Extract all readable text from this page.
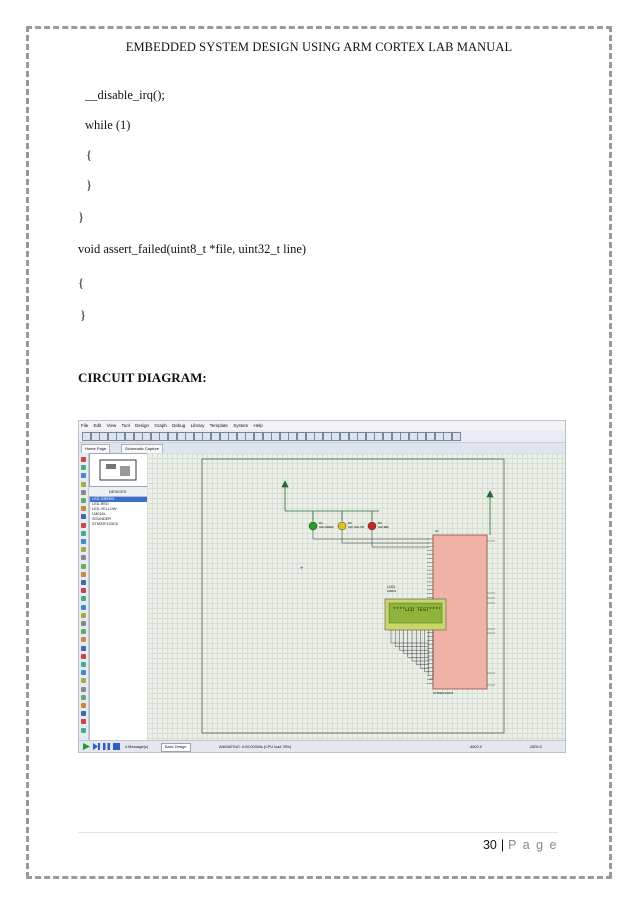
EMBEDDED SYSTEM DESIGN USING ARM CORTEX LAB MANUAL
__disable_irq();
while (1)
{
}
}
void assert_failed(uint8_t *file, uint32_t line)
{
}
CIRCUIT DIAGRAM:
File Edit View Tool Design Graph Debug Library Template System Help
Home Page	Schematic Capture
DEVICES
LED-GREEN
LED-RED
LED-YELLOW
LM016L
SOUNDER
STM32F103C6	D1
LED-GREEN
D2
LED-YELLOW
D3
LED-RED
U1
STM32F103C6
+
LCD1
LM016L
****LCD TEST****
4 Message(s)	Base Design	ANIMATING: 0:00:00000s (CPU load 78%)	-4800.0	-2800.0
30 | P a g e
